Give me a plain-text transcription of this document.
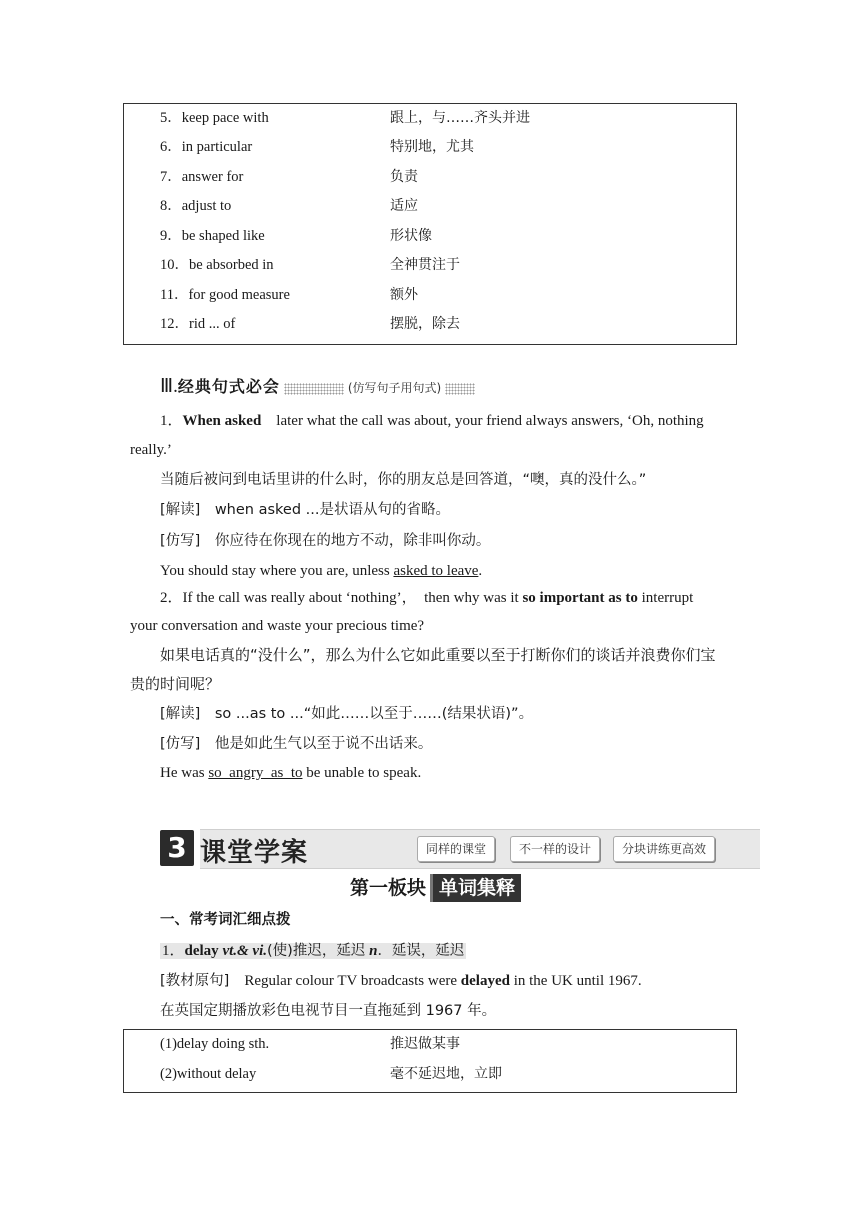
5．keep pace with	跟上，与……齐头并进
6．in particular	特别地，尤其
7．answer for	负责
8．adjust to	适应
9．be shaped like	形状像
10．be absorbed in	全神贯注于
11．for good measure	额外
12．rid ... of	摆脱，除去
Ⅲ.经典句式必会	(仿写句子用句式)
1．When asked　later what the call was about, your friend always answers, ‘Oh, nothing
really.’
当随后被问到电话里讲的什么时，你的朋友总是回答道，“噢，真的没什么。”
[解读]　when asked ...是状语从句的省略。
[仿写]　你应待在你现在的地方不动，除非叫你动。
You should stay where you are, unless asked to leave.
2．If the call was really about ‘nothing’，　then why was it so important as to interrupt
your conversation and waste your precious time?
如果电话真的“没什么”，那么为什么它如此重要以至于打断你们的谈话并浪费你们宝
贵的时间呢？
[解读]　so ...as to ...“如此……以至于……(结果状语)”。
[仿写]　他是如此生气以至于说不出话来。
He was so  angry  as  to be unable to speak.
3 课堂学案	同样的课堂	不一样的设计	分块讲练更高效
第一板块 单词集释
一、常考词汇细点拨
1．delay vt.& vi.(使)推迟，延迟 n．延误，延迟
[教材原句]　Regular colour TV broadcasts were delayed in the UK until 1967.
在英国定期播放彩色电视节目一直拖延到 1967 年。
(1)delay doing sth.	推迟做某事
(2)without delay	毫不延迟地，立即
